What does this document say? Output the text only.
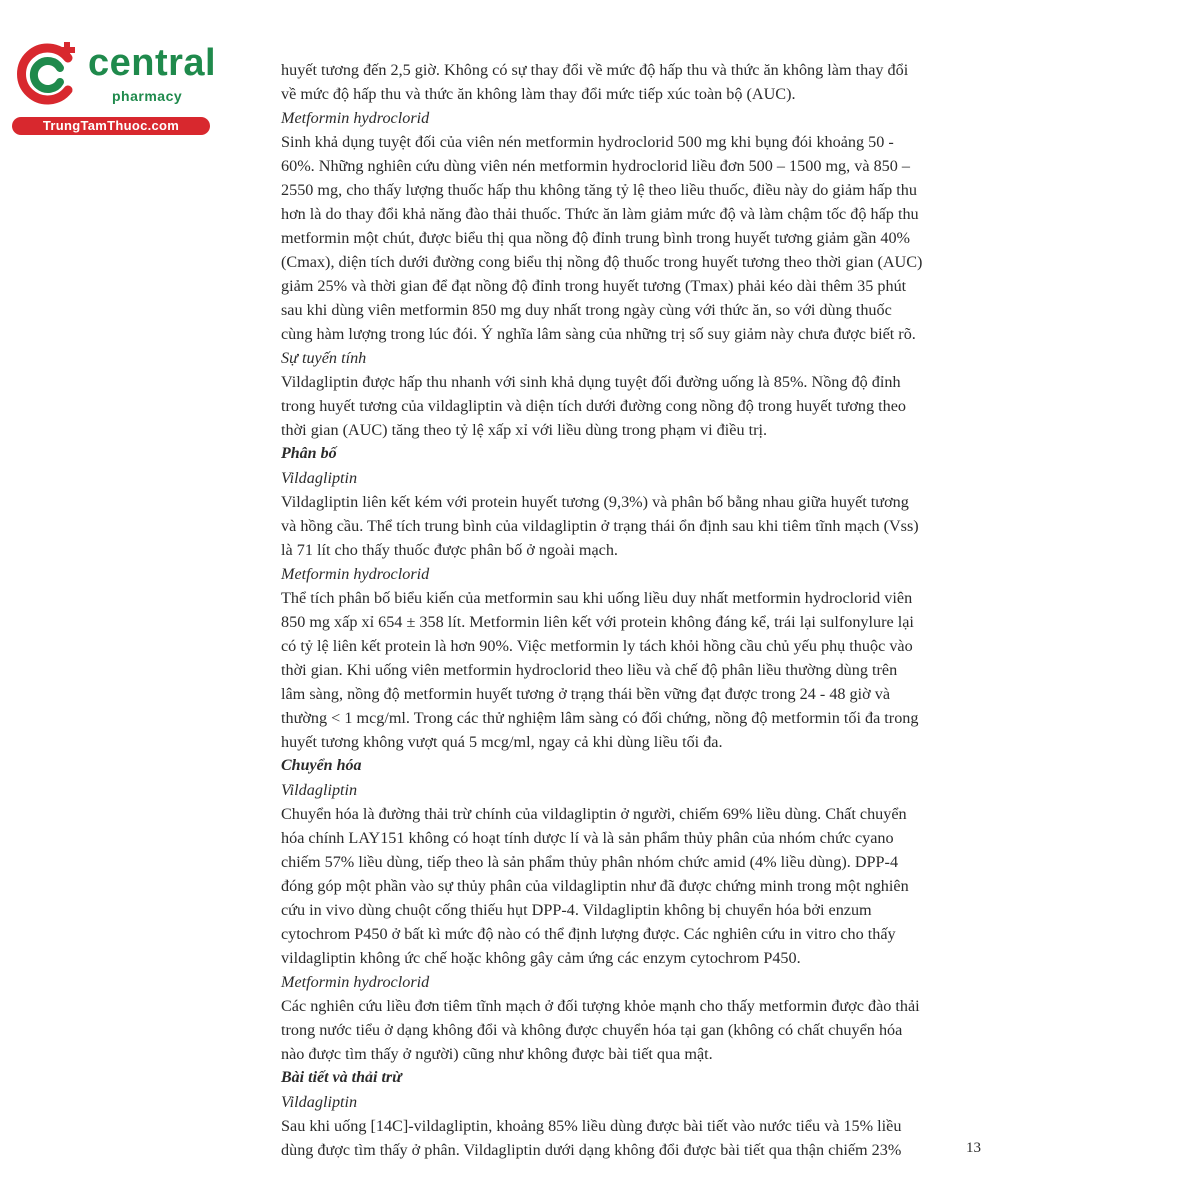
central
pharmacy
TrungTamThuoc.com
huyết tương đến 2,5 giờ. Không có sự thay đổi về mức độ hấp thu và thức ăn không làm thay đổi
về mức độ hấp thu và thức ăn không làm thay đổi mức tiếp xúc toàn bộ (AUC).
Metformin hydroclorid
Sinh khả dụng tuyệt đối của viên nén metformin hydroclorid 500 mg khi bụng đói khoảng 50 -
60%. Những nghiên cứu dùng viên nén metformin hydroclorid liều đơn 500 – 1500 mg, và 850 –
2550 mg, cho thấy lượng thuốc hấp thu không tăng tỷ lệ theo liều thuốc, điều này do giảm hấp thu
hơn là do thay đổi khả năng đào thải thuốc. Thức ăn làm giảm mức độ và làm chậm tốc độ hấp thu
metformin một chút, được biểu thị qua nồng độ đỉnh trung bình trong huyết tương giảm gần 40%
(Cmax), diện tích dưới đường cong biểu thị nồng độ thuốc trong huyết tương theo thời gian (AUC)
giảm 25% và thời gian để đạt nồng độ đỉnh trong huyết tương (Tmax) phải kéo dài thêm 35 phút
sau khi dùng viên metformin 850 mg duy nhất trong ngày cùng với thức ăn, so với dùng thuốc
cùng hàm lượng trong lúc đói. Ý nghĩa lâm sàng của những trị số suy giảm này chưa được biết rõ.
Sự tuyến tính
Vildagliptin được hấp thu nhanh với sinh khả dụng tuyệt đối đường uống là 85%. Nồng độ đỉnh
trong huyết tương của vildagliptin và diện tích dưới đường cong nồng độ trong huyết tương theo
thời gian (AUC) tăng theo tỷ lệ xấp xỉ với liều dùng trong phạm vi điều trị.
Phân bố
Vildagliptin
Vildagliptin liên kết kém với protein huyết tương (9,3%) và phân bố bằng nhau giữa huyết tương
và hồng cầu. Thể tích trung bình của vildagliptin ở trạng thái ổn định sau khi tiêm tĩnh mạch (Vss)
là 71 lít cho thấy thuốc được phân bố ở ngoài mạch.
Metformin hydroclorid
Thể tích phân bố biểu kiến của metformin sau khi uống liều duy nhất metformin hydroclorid viên
850 mg xấp xỉ 654 ± 358 lít. Metformin liên kết với protein không đáng kể, trái lại sulfonylure lại
có tỷ lệ liên kết protein là hơn 90%. Việc metformin ly tách khỏi hồng cầu chủ yếu phụ thuộc vào
thời gian. Khi uống viên metformin hydroclorid theo liều và chế độ phân liều thường dùng trên
lâm sàng, nồng độ metformin huyết tương ở trạng thái bền vững đạt được trong 24 - 48 giờ và
thường < 1 mcg/ml. Trong các thử nghiệm lâm sàng có đối chứng, nồng độ metformin tối đa trong
huyết tương không vượt quá 5 mcg/ml, ngay cả khi dùng liều tối đa.
Chuyển hóa
Vildagliptin
Chuyển hóa là đường thải trừ chính của vildagliptin ở người, chiếm 69% liều dùng. Chất chuyển
hóa chính LAY151 không có hoạt tính dược lí và là sản phẩm thủy phân của nhóm chức cyano
chiếm 57% liều dùng, tiếp theo là sản phẩm thủy phân nhóm chức amid (4% liều dùng). DPP-4
đóng góp một phần vào sự thủy phân của vildagliptin như đã được chứng minh trong một nghiên
cứu in vivo dùng chuột cống thiếu hụt DPP-4. Vildagliptin không bị chuyển hóa bởi enzum
cytochrom P450 ở bất kì mức độ nào có thể định lượng được. Các nghiên cứu in vitro cho thấy
vildagliptin không ức chế hoặc không gây cảm ứng các enzym cytochrom P450.
Metformin hydroclorid
Các nghiên cứu liều đơn tiêm tĩnh mạch ở đối tượng khỏe mạnh cho thấy metformin được đào thải
trong nước tiểu ở dạng không đổi và không được chuyển hóa tại gan (không có chất chuyển hóa
nào được tìm thấy ở người) cũng như không được bài tiết qua mật.
Bài tiết và thải trừ
Vildagliptin
Sau khi uống [14C]-vildagliptin, khoảng 85% liều dùng được bài tiết vào nước tiểu và 15% liều
dùng được tìm thấy ở phân. Vildagliptin dưới dạng không đổi được bài tiết qua thận chiếm 23%	13
